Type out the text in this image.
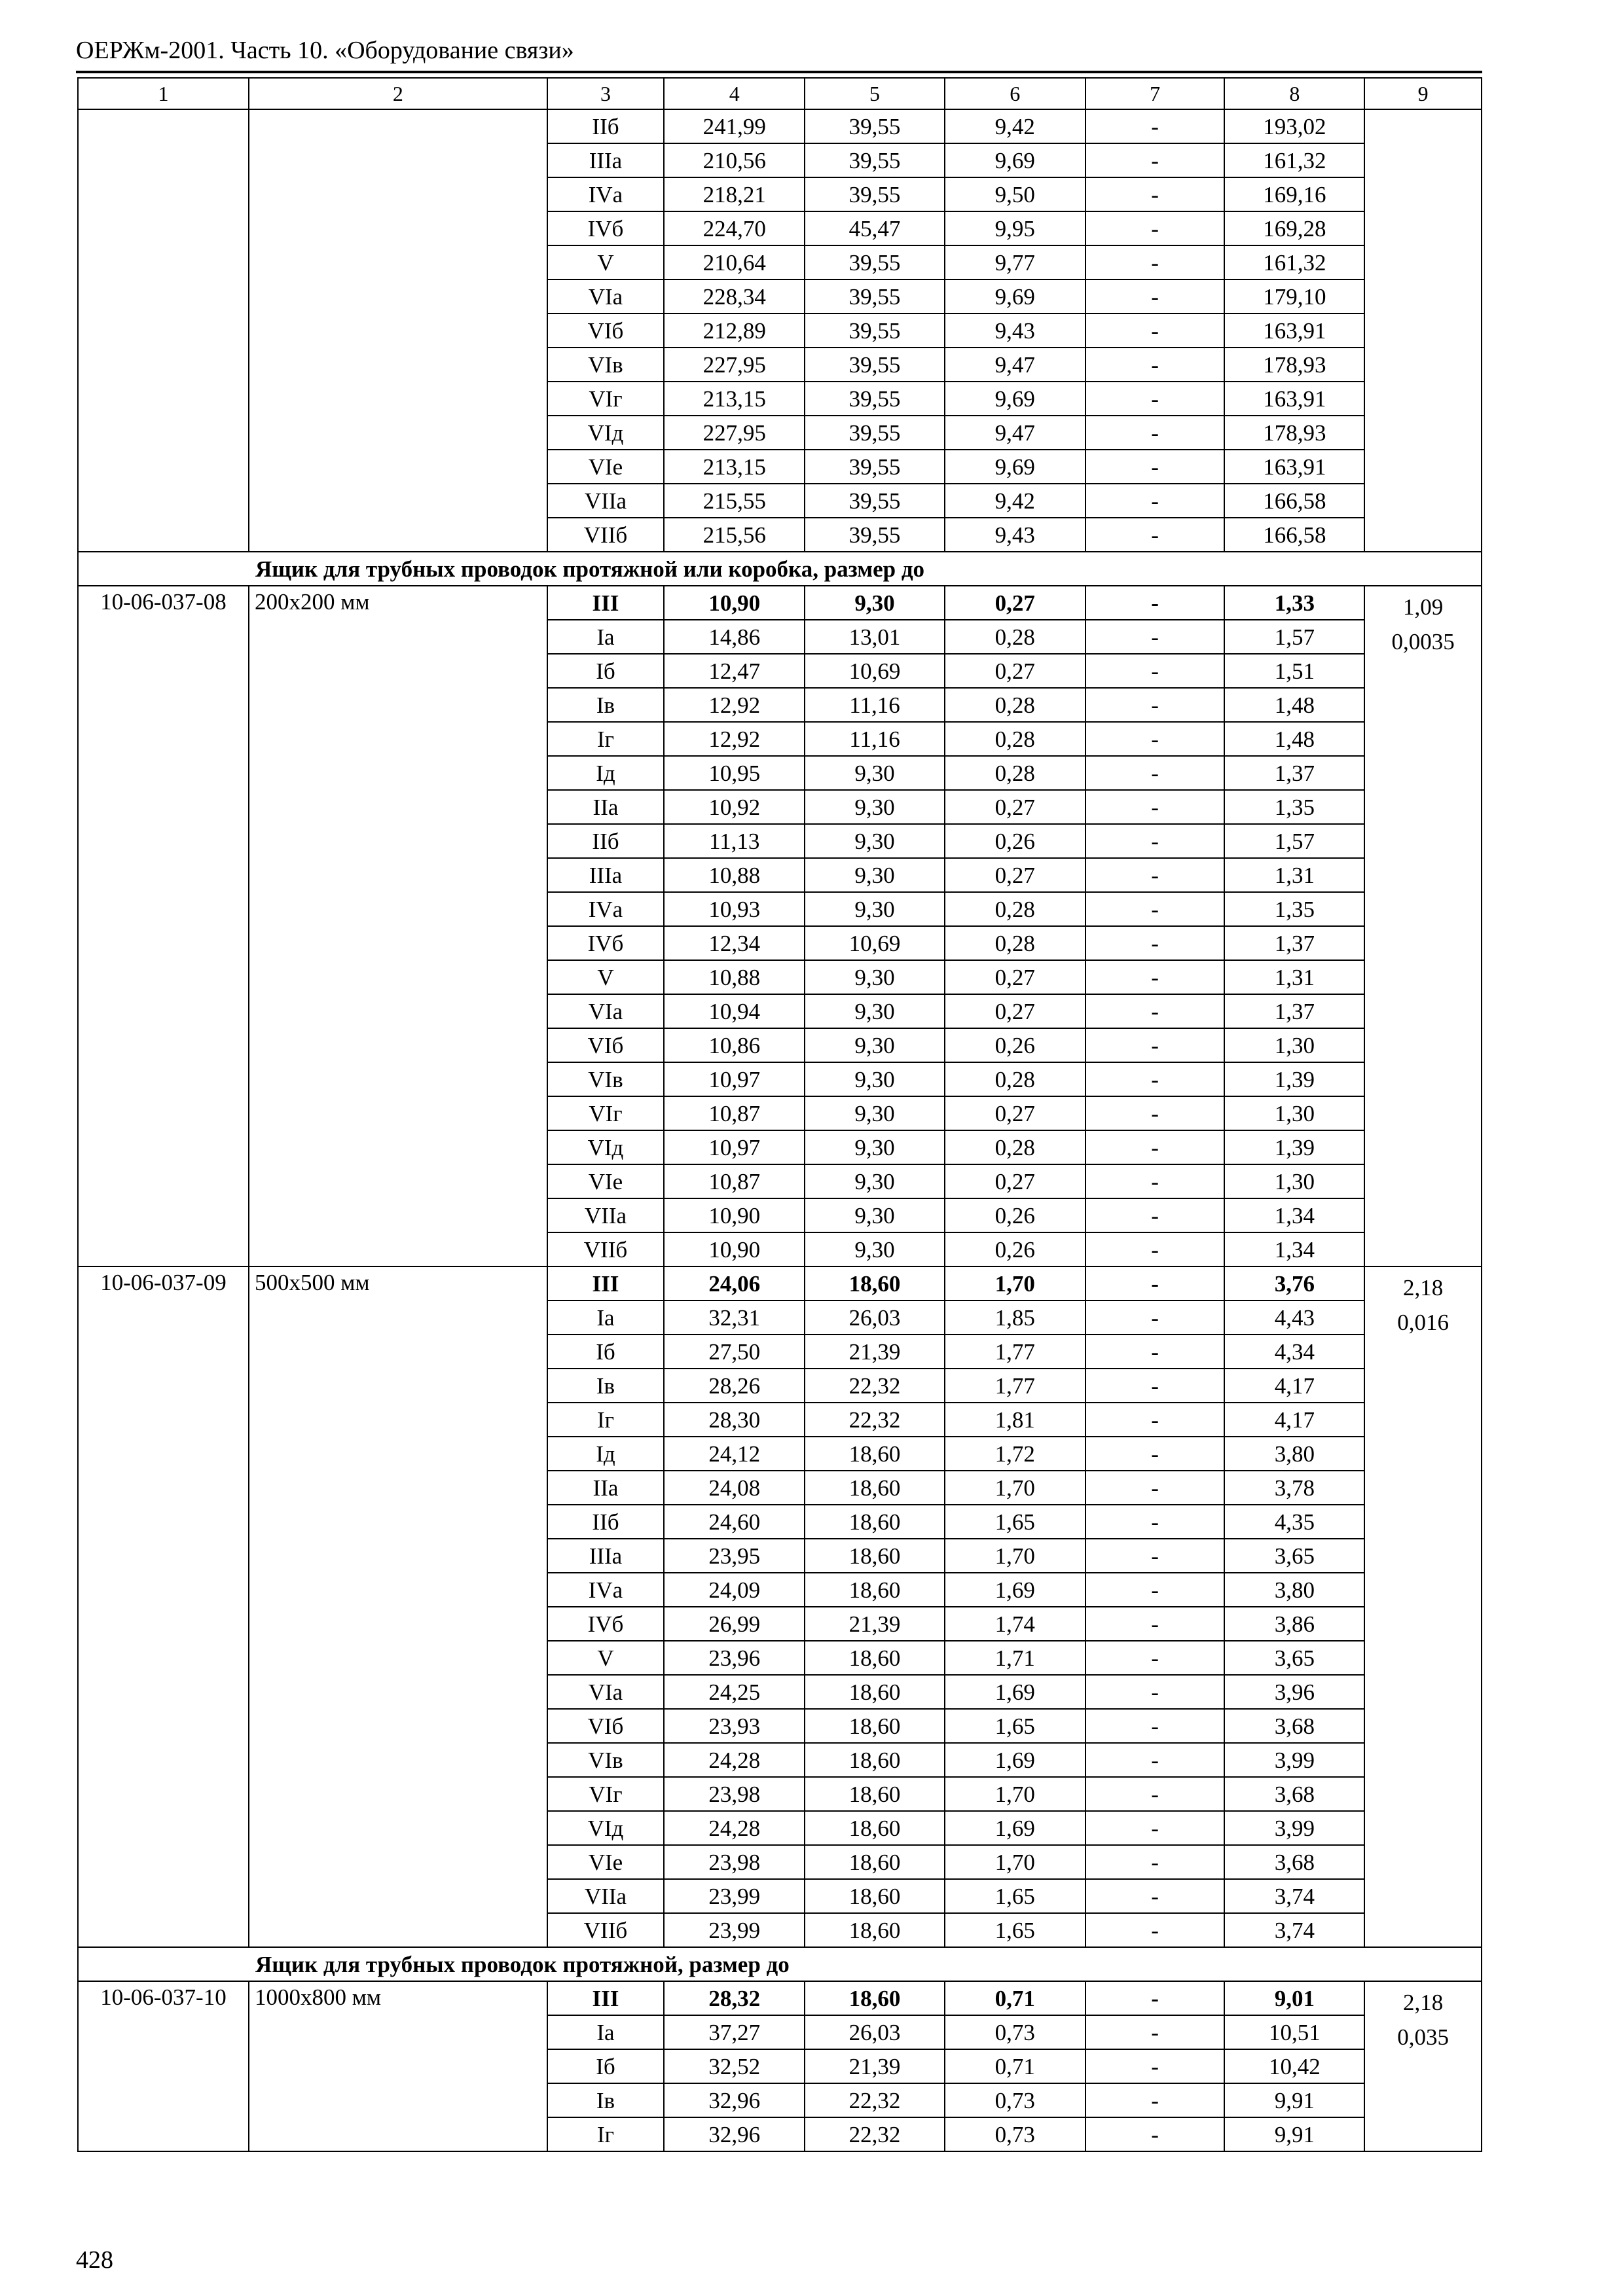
ОЕРЖм-2001. Часть 10. «Оборудование связи»
1	2	3	4	5	6	7	8	9
		IIб	241,99	39,55	9,42	-	193,02	
		IIIа	210,56	39,55	9,69	-	161,32	
		IVа	218,21	39,55	9,50	-	169,16	
		IVб	224,70	45,47	9,95	-	169,28	
		V	210,64	39,55	9,77	-	161,32	
		VIа	228,34	39,55	9,69	-	179,10	
		VIб	212,89	39,55	9,43	-	163,91	
		VIв	227,95	39,55	9,47	-	178,93	
		VIг	213,15	39,55	9,69	-	163,91	
		VIд	227,95	39,55	9,47	-	178,93	
		VIе	213,15	39,55	9,69	-	163,91	
		VIIа	215,55	39,55	9,42	-	166,58	
		VIIб	215,56	39,55	9,43	-	166,58	
Ящик для трубных проводок протяжной или коробка, размер до								
10-06-037-08	200х200 мм	III	10,90	9,30	0,27	-	1,33	1,09
0,0035

		Iа	14,86	13,01	0,28	-	1,57	
		Iб	12,47	10,69	0,27	-	1,51	
		Iв	12,92	11,16	0,28	-	1,48	
		Iг	12,92	11,16	0,28	-	1,48	
		Iд	10,95	9,30	0,28	-	1,37	
		IIа	10,92	9,30	0,27	-	1,35	
		IIб	11,13	9,30	0,26	-	1,57	
		IIIа	10,88	9,30	0,27	-	1,31	
		IVа	10,93	9,30	0,28	-	1,35	
		IVб	12,34	10,69	0,28	-	1,37	
		V	10,88	9,30	0,27	-	1,31	
		VIа	10,94	9,30	0,27	-	1,37	
		VIб	10,86	9,30	0,26	-	1,30	
		VIв	10,97	9,30	0,28	-	1,39	
		VIг	10,87	9,30	0,27	-	1,30	
		VIд	10,97	9,30	0,28	-	1,39	
		VIе	10,87	9,30	0,27	-	1,30	
		VIIа	10,90	9,30	0,26	-	1,34	
		VIIб	10,90	9,30	0,26	-	1,34	
10-06-037-09	500х500 мм	III	24,06	18,60	1,70	-	3,76	2,18
0,016

		Iа	32,31	26,03	1,85	-	4,43	
		Iб	27,50	21,39	1,77	-	4,34	
		Iв	28,26	22,32	1,77	-	4,17	
		Iг	28,30	22,32	1,81	-	4,17	
		Iд	24,12	18,60	1,72	-	3,80	
		IIа	24,08	18,60	1,70	-	3,78	
		IIб	24,60	18,60	1,65	-	4,35	
		IIIа	23,95	18,60	1,70	-	3,65	
		IVа	24,09	18,60	1,69	-	3,80	
		IVб	26,99	21,39	1,74	-	3,86	
		V	23,96	18,60	1,71	-	3,65	
		VIа	24,25	18,60	1,69	-	3,96	
		VIб	23,93	18,60	1,65	-	3,68	
		VIв	24,28	18,60	1,69	-	3,99	
		VIг	23,98	18,60	1,70	-	3,68	
		VIд	24,28	18,60	1,69	-	3,99	
		VIе	23,98	18,60	1,70	-	3,68	
		VIIа	23,99	18,60	1,65	-	3,74	
		VIIб	23,99	18,60	1,65	-	3,74	
Ящик для трубных проводок протяжной, размер до								
10-06-037-10	1000х800 мм	III	28,32	18,60	0,71	-	9,01	2,18
0,035

		Iа	37,27	26,03	0,73	-	10,51	
		Iб	32,52	21,39	0,71	-	10,42	
		Iв	32,96	22,32	0,73	-	9,91	
		Iг	32,96	22,32	0,73	-	9,91	
428
